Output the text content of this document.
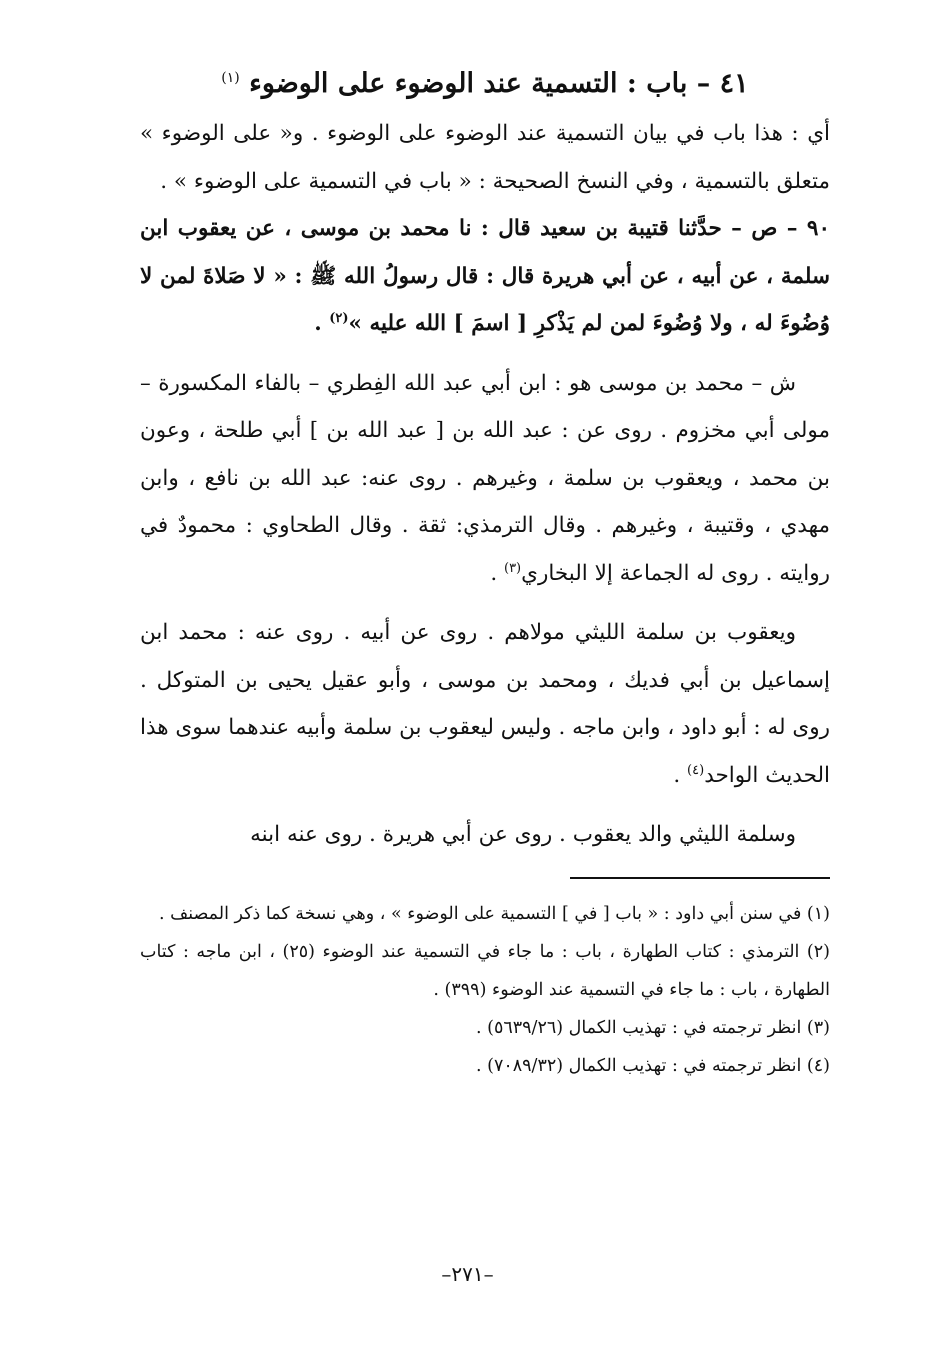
٤١ – باب : التسمية عند الوضوء على الوضوء $^{(١)}$

أي : هذا باب في بيان التسمية عند الوضوء على الوضوء . و« على الوضوء » متعلق بالتسمية ، وفي النسخ الصحيحة : « باب في التسمية على الوضوء » .

٩٠ – ص – حدَّثنا قتيبة بن سعيد قال : نا محمد بن موسى ، عن يعقوب ابن سلمة ، عن أبيه ، عن أبي هريرة قال : قال رسولُ الله ﷺ : « لا صَلاةَ لمن لا وُضُوءَ له ، ولا وُضُوءَ لمن لم يَذْكرِ [ اسمَ ] الله عليه »$^{(٢)}$ .

ش – محمد بن موسى هو : ابن أبي عبد الله الفِطري – بالفاء المكسورة – مولى أبي مخزوم . روى عن : عبد الله بن [ عبد الله بن ] أبي طلحة ، وعون بن محمد ، ويعقوب بن سلمة ، وغيرهم . روى عنه: عبد الله بن نافع ، وابن مهدي ، وقتيبة ، وغيرهم . وقال الترمذي: ثقة . وقال الطحاوي : محمودٌ في روايته . روى له الجماعة إلا البخاري$^{(٣)}$ .

ويعقوب بن سلمة الليثي مولاهم . روى عن أبيه . روى عنه : محمد ابن إسماعيل بن أبي فديك ، ومحمد بن موسى ، وأبو عقيل يحيى بن المتوكل . روى له : أبو داود ، وابن ماجه . وليس ليعقوب بن سلمة وأبيه عندهما سوى هذا الحديث الواحد$^{(٤)}$ .

وسلمة الليثي والد يعقوب . روى عن أبي هريرة . روى عنه ابنه

(١) في سنن أبي داود : « باب [ في ] التسمية على الوضوء » ، وهي نسخة كما ذكر المصنف .

(٢) الترمذي : كتاب الطهارة ، باب : ما جاء في التسمية عند الوضوء (٢٥) ، ابن ماجه : كتاب الطهارة ، باب : ما جاء في التسمية عند الوضوء (٣٩٩) .

(٣) انظر ترجمته في : تهذيب الكمال (٥٦٣٩/٢٦) .

(٤) انظر ترجمته في : تهذيب الكمال (٧٠٨٩/٣٢) .

–٢٧١–
